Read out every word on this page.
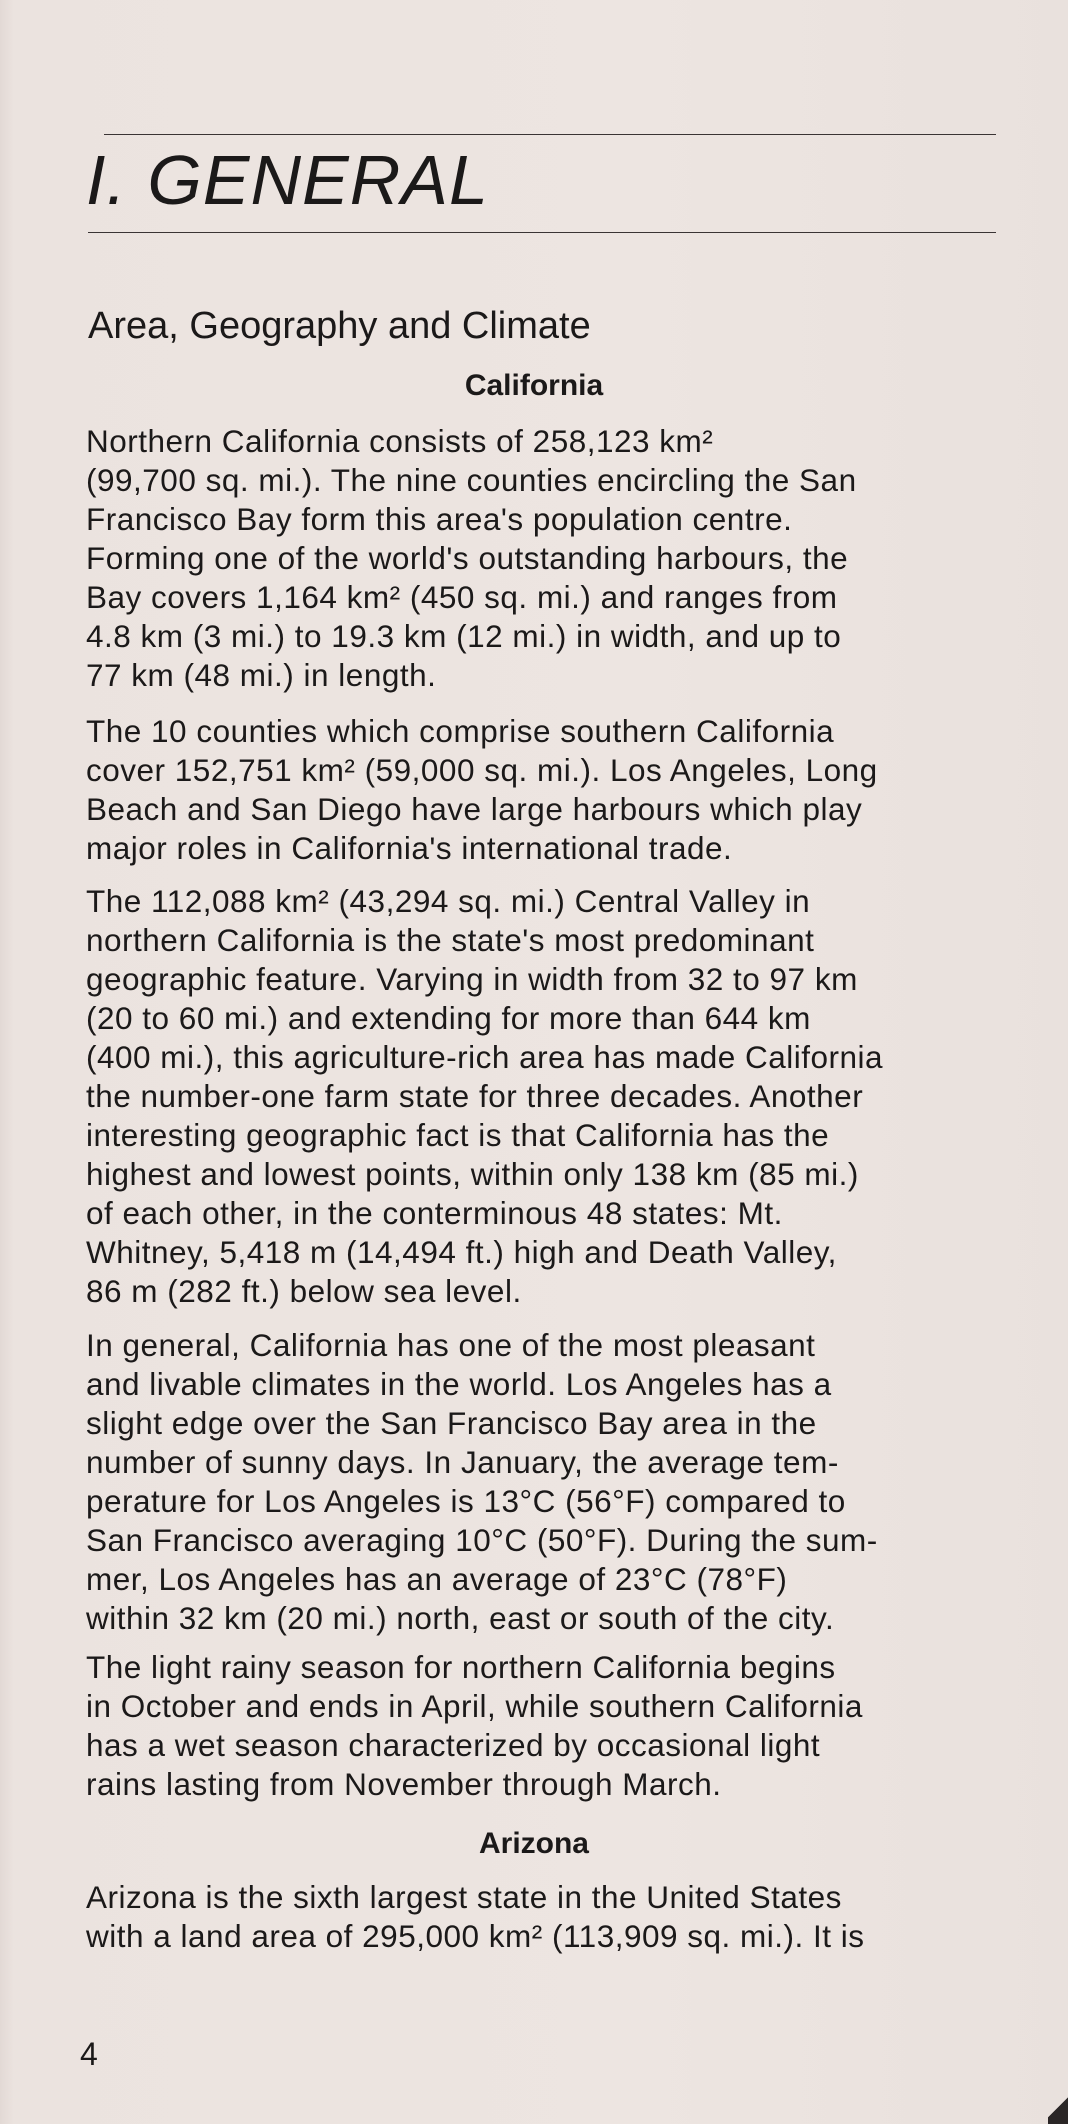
I. GENERAL
Area, Geography and Climate
California

Northern California consists of 258,123 km²
(99,700 sq. mi.). The nine counties encircling the San
Francisco Bay form this area's population centre.
Forming one of the world's outstanding harbours, the
Bay covers 1,164 km² (450 sq. mi.) and ranges from
4.8 km (3 mi.) to 19.3 km (12 mi.) in width, and up to
77 km (48 mi.) in length.

The 10 counties which comprise southern California
cover 152,751 km² (59,000 sq. mi.). Los Angeles, Long
Beach and San Diego have large harbours which play
major roles in California's international trade.

The 112,088 km² (43,294 sq. mi.) Central Valley in
northern California is the state's most predominant
geographic feature. Varying in width from 32 to 97 km
(20 to 60 mi.) and extending for more than 644 km
(400 mi.), this agriculture-rich area has made California
the number-one farm state for three decades. Another
interesting geographic fact is that California has the
highest and lowest points, within only 138 km (85 mi.)
of each other, in the conterminous 48 states: Mt.
Whitney, 5,418 m (14,494 ft.) high and Death Valley,
86 m (282 ft.) below sea level.

In general, California has one of the most pleasant
and livable climates in the world. Los Angeles has a
slight edge over the San Francisco Bay area in the
number of sunny days. In January, the average tem-
perature for Los Angeles is 13°C (56°F) compared to
San Francisco averaging 10°C (50°F). During the sum-
mer, Los Angeles has an average of 23°C (78°F)
within 32 km (20 mi.) north, east or south of the city.

The light rainy season for northern California begins
in October and ends in April, while southern California
has a wet season characterized by occasional light
rains lasting from November through March.

Arizona

Arizona is the sixth largest state in the United States
with a land area of 295,000 km² (113,909 sq. mi.). It is

4
